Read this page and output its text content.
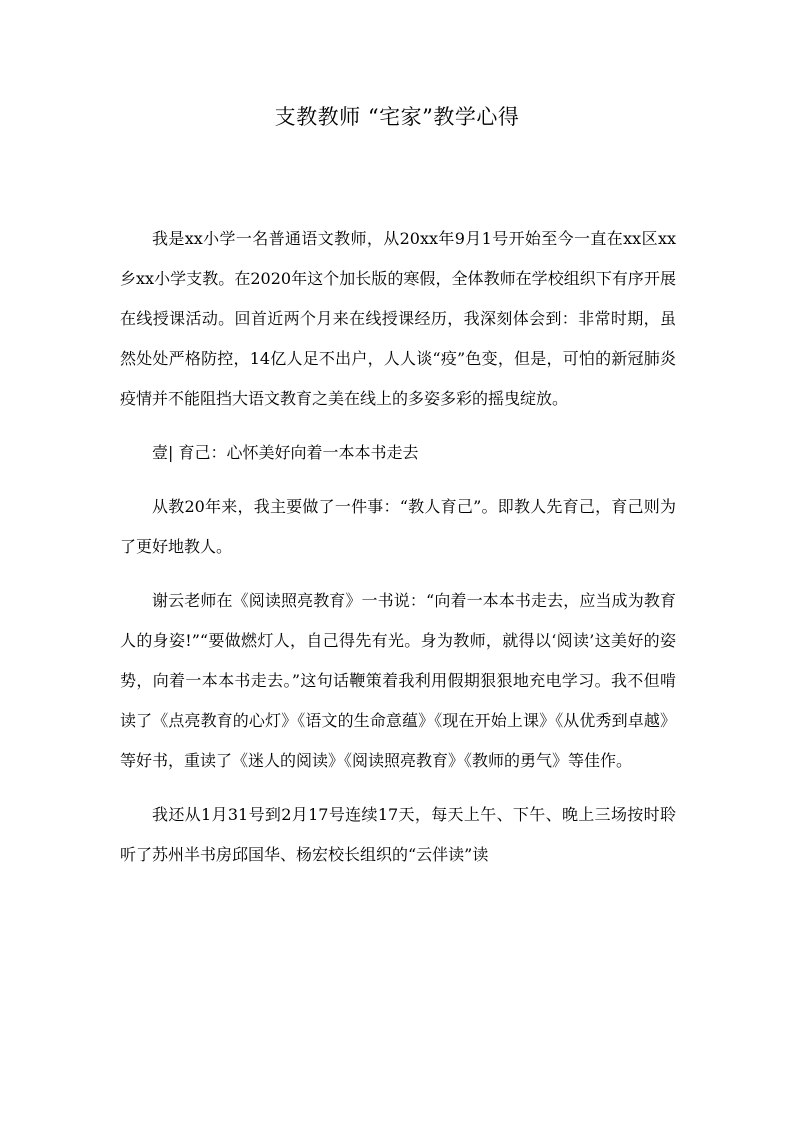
支教教师 “宅家”教学心得

我是xx小学一名普通语文教师，从20xx年9月1号开始至今一直在xx区xx乡xx小学支教。在2020年这个加长版的寒假，全体教师在学校组织下有序开展在线授课活动。回首近两个月来在线授课经历，我深刻体会到：非常时期，虽然处处严格防控，14亿人足不出户，人人谈“疫”色变，但是，可怕的新冠肺炎疫情并不能阻挡大语文教育之美在线上的多姿多彩的摇曳绽放。

壹| 育己：心怀美好向着一本本书走去

从教20年来，我主要做了一件事：“教人育己”。即教人先育己，育己则为了更好地教人。

谢云老师在《阅读照亮教育》一书说：“向着一本本书走去，应当成为教育人的身姿!”“要做燃灯人，自己得先有光。身为教师，就得以‘阅读’这美好的姿势，向着一本本书走去。”这句话鞭策着我利用假期狠狠地充电学习。我不但啃读了《点亮教育的心灯》《语文的生命意蕴》《现在开始上课》《从优秀到卓越》等好书，重读了《迷人的阅读》《阅读照亮教育》《教师的勇气》等佳作。

我还从1月31号到2月17号连续17天，每天上午、下午、晚上三场按时聆听了苏州半书房邱国华、杨宏校长组织的“云伴读”读
